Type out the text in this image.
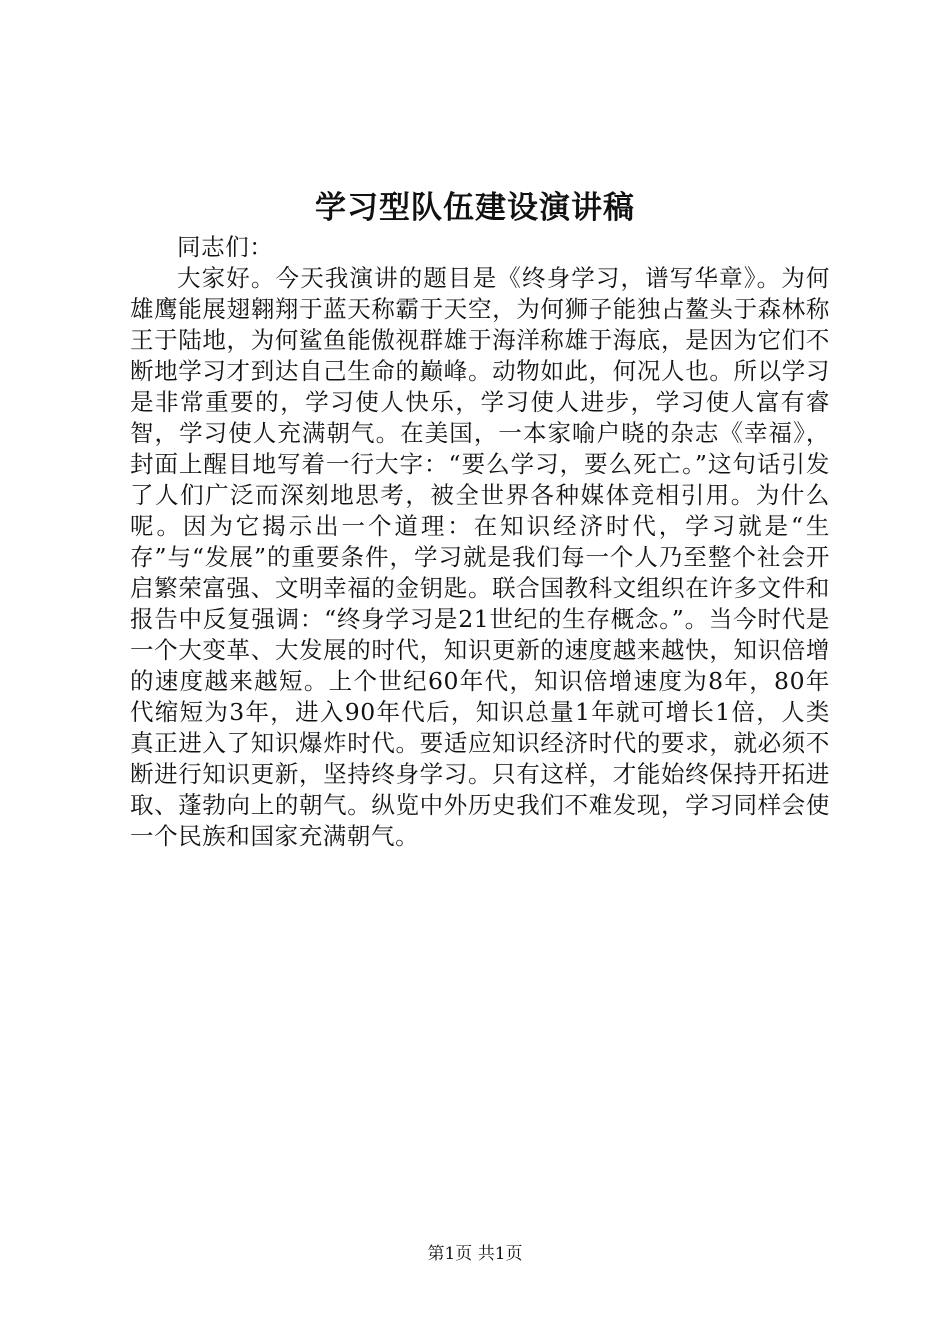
学习型队伍建设演讲稿

同志们：

大家好。今天我演讲的题目是《终身学习，谱写华章》。为何雄鹰能展翅翱翔于蓝天称霸于天空，为何狮子能独占鳌头于森林称王于陆地，为何鲨鱼能傲视群雄于海洋称雄于海底，是因为它们不断地学习才到达自己生命的巅峰。动物如此，何况人也。所以学习是非常重要的，学习使人快乐，学习使人进步，学习使人富有睿智，学习使人充满朝气。在美国，一本家喻户晓的杂志《幸福》，封面上醒目地写着一行大字：“要么学习，要么死亡。”这句话引发了人们广泛而深刻地思考，被全世界各种媒体竞相引用。为什么呢。因为它揭示出一个道理：在知识经济时代，学习就是“生存”与“发展”的重要条件，学习就是我们每一个人乃至整个社会开启繁荣富强、文明幸福的金钥匙。联合国教科文组织在许多文件和报告中反复强调：“终身学习是21世纪的生存概念。”。当今时代是一个大变革、大发展的时代，知识更新的速度越来越快，知识倍增的速度越来越短。上个世纪60年代，知识倍增速度为8年，80年代缩短为3年，进入90年代后，知识总量1年就可增长1倍，人类真正进入了知识爆炸时代。要适应知识经济时代的要求，就必须不断进行知识更新，坚持终身学习。只有这样，才能始终保持开拓进取、蓬勃向上的朝气。纵览中外历史我们不难发现，学习同样会使一个民族和国家充满朝气。

第1页 共1页
